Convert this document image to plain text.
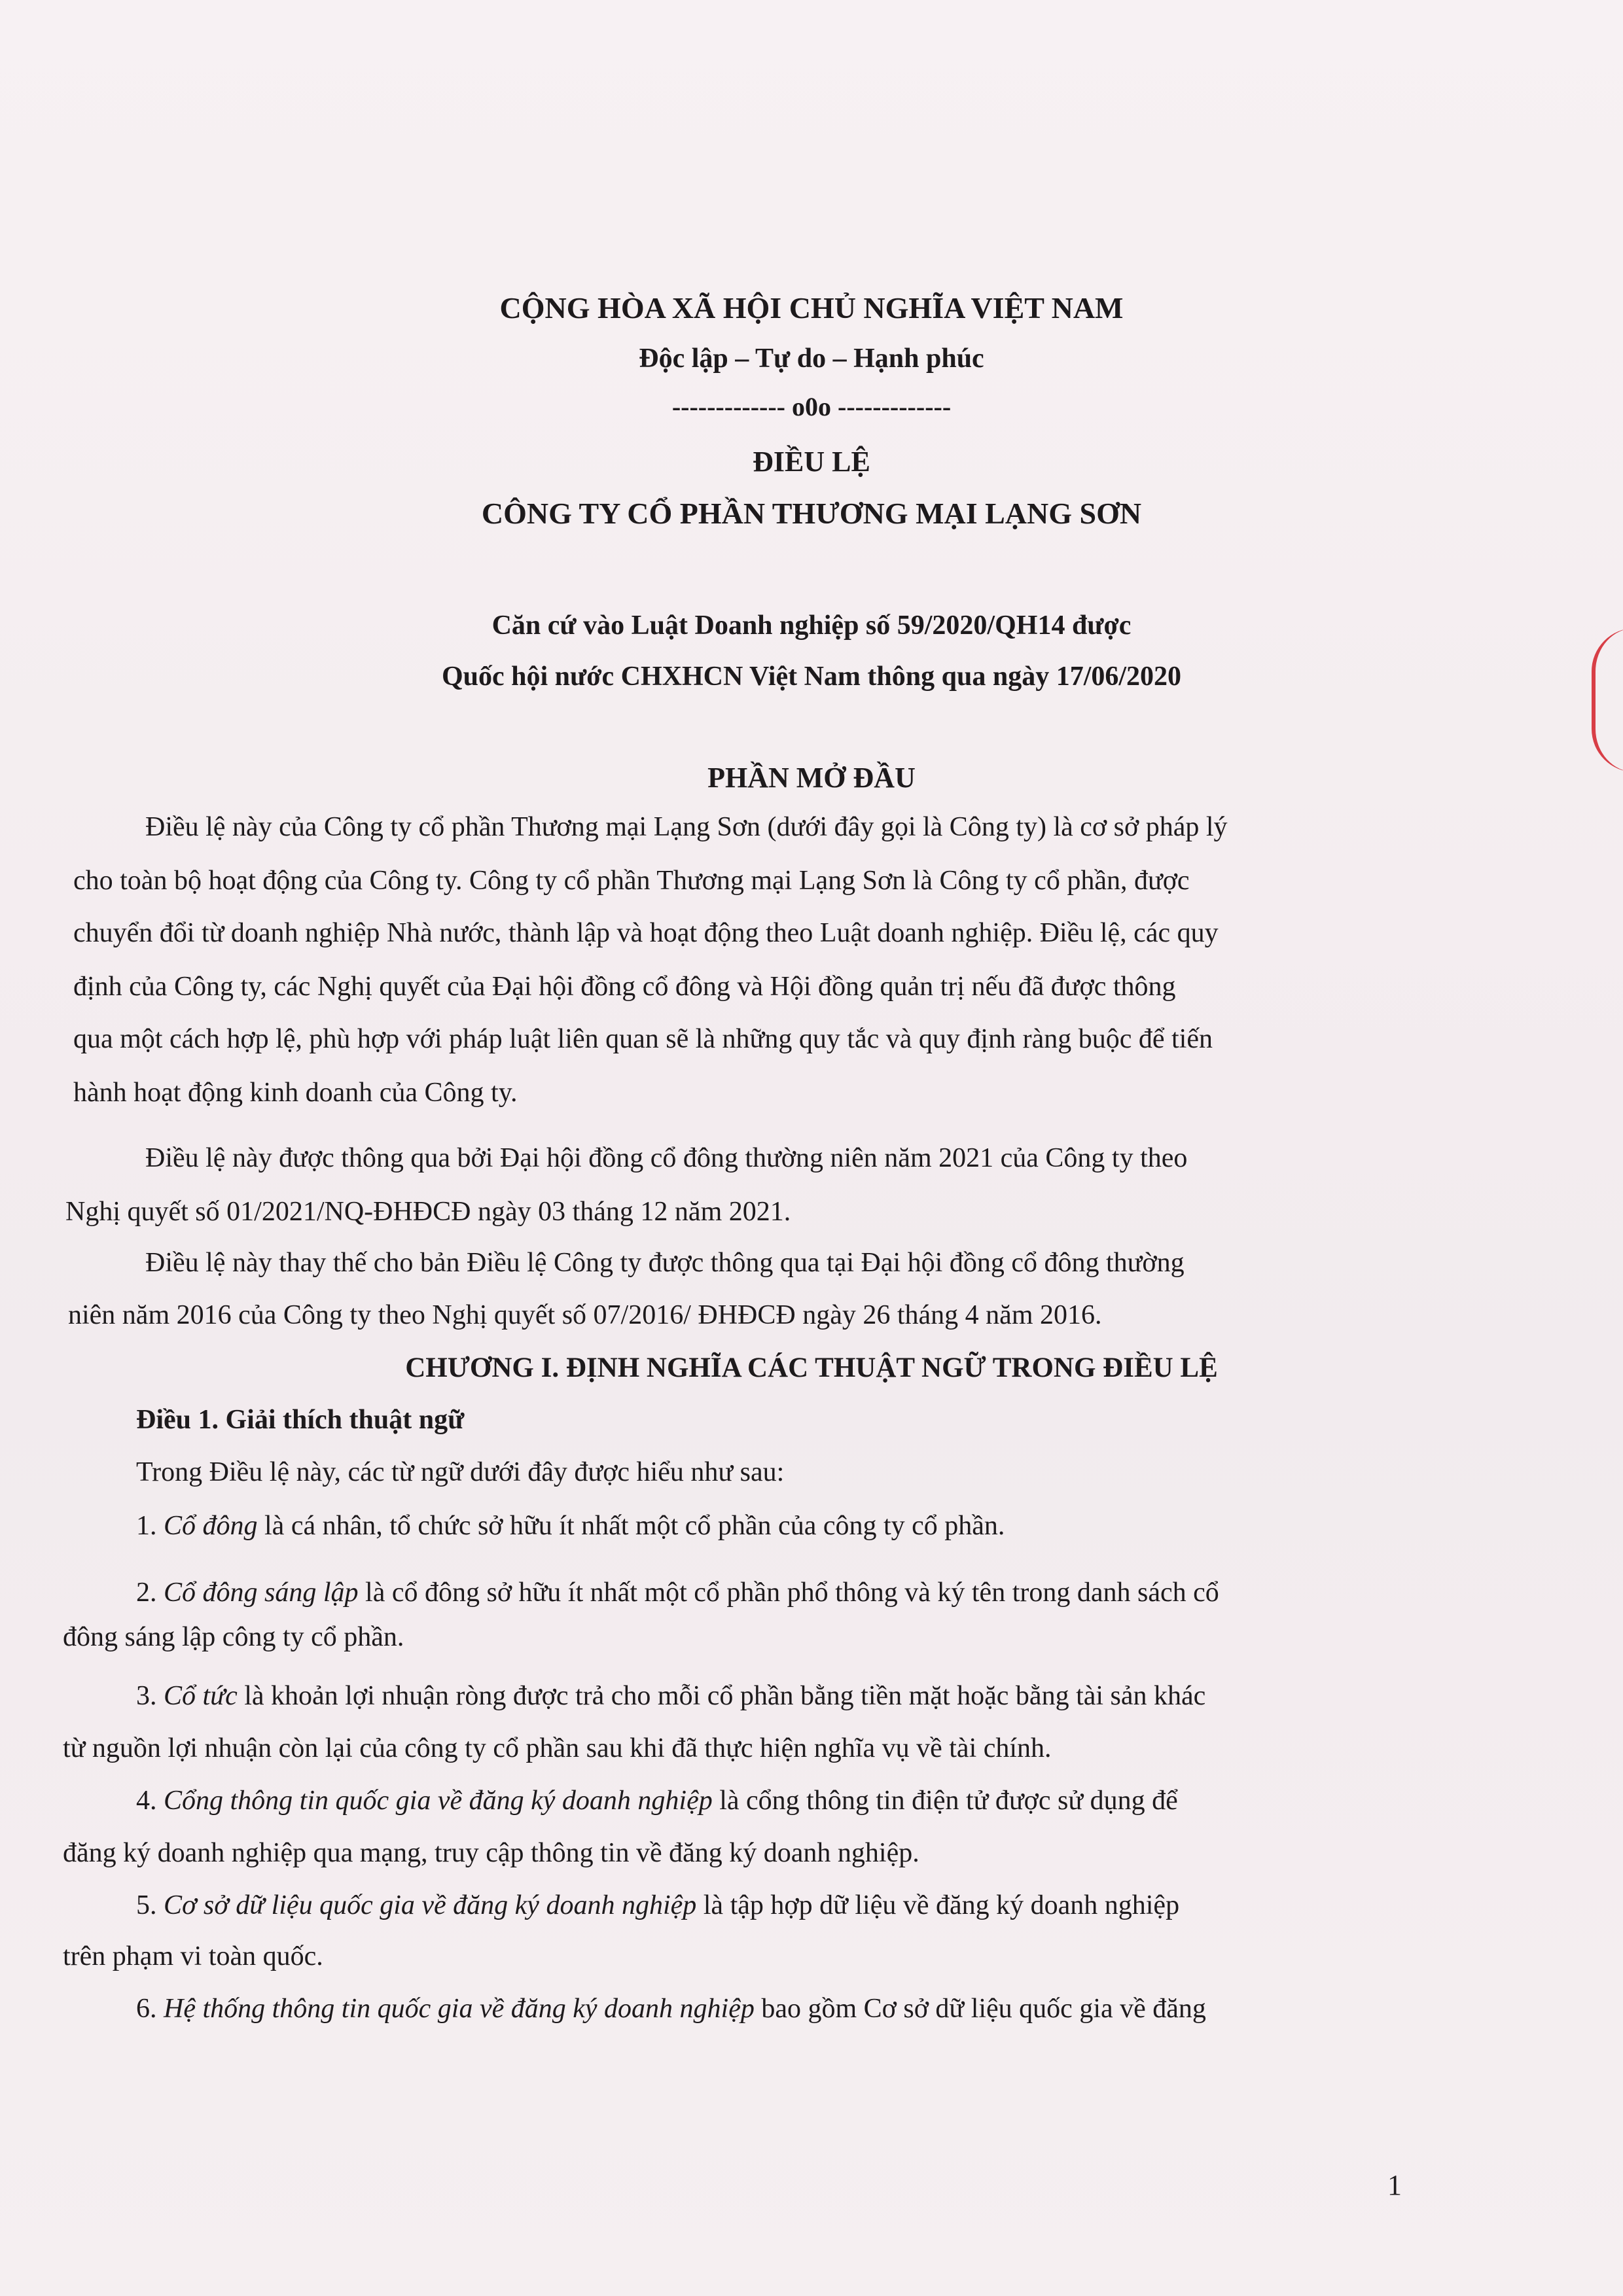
CỘNG HÒA XÃ HỘI CHỦ NGHĨA VIỆT NAM

Độc lập – Tự do – Hạnh phúc

------------- o0o -------------

ĐIỀU LỆ

CÔNG TY CỔ PHẦN THƯƠNG MẠI LẠNG SƠN

Căn cứ vào Luật Doanh nghiệp số 59/2020/QH14 được

Quốc hội nước CHXHCN Việt Nam thông qua ngày 17/06/2020

PHẦN MỞ ĐẦU

Điều lệ này của Công ty cổ phần Thương mại Lạng Sơn (dưới đây gọi là Công ty) là cơ sở pháp lý

cho toàn bộ hoạt động của Công ty. Công ty cổ phần Thương mại Lạng Sơn là Công ty cổ phần, được

chuyển đổi từ doanh nghiệp Nhà nước, thành lập và hoạt động theo Luật doanh nghiệp. Điều lệ, các quy

định của Công ty, các Nghị quyết của Đại hội đồng cổ đông và Hội đồng quản trị nếu đã được thông

qua một cách hợp lệ, phù hợp với pháp luật liên quan sẽ là những quy tắc và quy định ràng buộc để tiến

hành hoạt động kinh doanh của Công ty.

Điều lệ này được thông qua bởi Đại hội đồng cổ đông thường niên năm 2021 của Công ty theo

Nghị quyết số 01/2021/NQ-ĐHĐCĐ ngày 03 tháng 12 năm 2021.

Điều lệ này thay thế cho bản Điều lệ Công ty được thông qua tại Đại hội đồng cổ đông thường

niên năm 2016 của Công ty theo Nghị quyết số 07/2016/ ĐHĐCĐ ngày 26 tháng 4 năm 2016.

CHƯƠNG I. ĐỊNH NGHĨA CÁC THUẬT NGỮ TRONG ĐIỀU LỆ

Điều 1. Giải thích thuật ngữ

Trong Điều lệ này, các từ ngữ dưới đây được hiểu như sau:

1. Cổ đông là cá nhân, tổ chức sở hữu ít nhất một cổ phần của công ty cổ phần.

2. Cổ đông sáng lập là cổ đông sở hữu ít nhất một cổ phần phổ thông và ký tên trong danh sách cổ

đông sáng lập công ty cổ phần.

3. Cổ tức là khoản lợi nhuận ròng được trả cho mỗi cổ phần bằng tiền mặt hoặc bằng tài sản khác

từ nguồn lợi nhuận còn lại của công ty cổ phần sau khi đã thực hiện nghĩa vụ về tài chính.

4. Cổng thông tin quốc gia về đăng ký doanh nghiệp là cổng thông tin điện tử được sử dụng để

đăng ký doanh nghiệp qua mạng, truy cập thông tin về đăng ký doanh nghiệp.

5. Cơ sở dữ liệu quốc gia về đăng ký doanh nghiệp là tập hợp dữ liệu về đăng ký doanh nghiệp

trên phạm vi toàn quốc.

6. Hệ thống thông tin quốc gia về đăng ký doanh nghiệp bao gồm Cơ sở dữ liệu quốc gia về đăng

1
